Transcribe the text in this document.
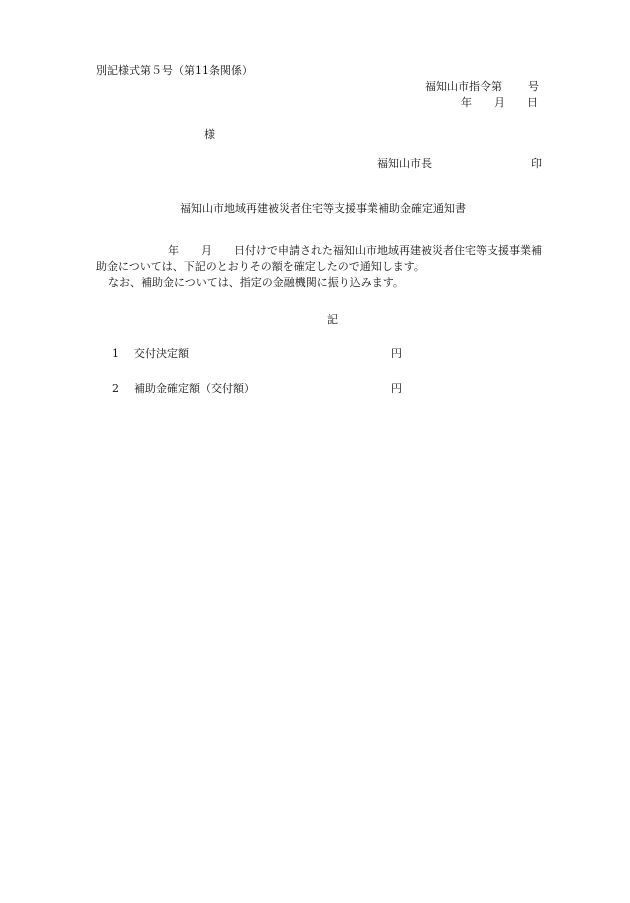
別記様式第５号（第11条関係）
福知山市指令第 号
年 月 日
様
福知山市長	印
福知山市地域再建被災者住宅等支援事業補助金確定通知書
年 月 日付けで申請された福知山市地域再建被災者住宅等支援事業補
助金については、下記のとおりその額を確定したので通知します。
なお、補助金については、指定の金融機関に振り込みます。
記
1 交付決定額	円
2 補助金確定額（交付額）	円
